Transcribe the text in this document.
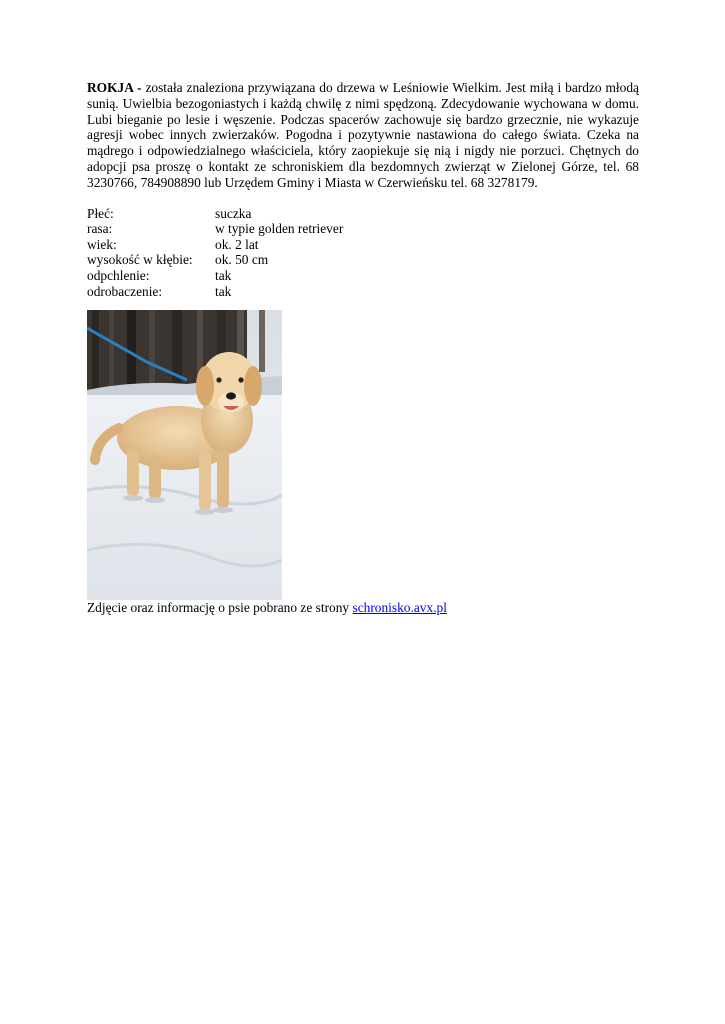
ROKJA - została znaleziona przywiązana do drzewa w Leśniowie Wielkim. Jest miłą i bardzo młodą sunią. Uwielbia bezogoniastych i każdą chwilę z nimi spędzoną. Zdecydowanie wychowana w domu. Lubi bieganie po lesie i węszenie. Podczas spacerów zachowuje się bardzo grzecznie, nie wykazuje agresji wobec innych zwierzaków. Pogodna i pozytywnie nastawiona do całego świata. Czeka na mądrego i odpowiedzialnego właściciela, który zaopiekuje się nią i nigdy nie porzuci. Chętnych do adopcji psa proszę o kontakt ze schroniskiem dla bezdomnych zwierząt w Zielonej Górze, tel. 68 3230766, 784908890 lub Urzędem Gminy i Miasta w Czerwieńsku tel. 68 3278179.

Płeć:	suczka
rasa:	w typie golden retriever
wiek:	ok. 2 lat
wysokość w kłębie:	ok. 50 cm
odpchlenie:	tak
odrobaczenie:	tak
Zdjęcie oraz informację o psie pobrano ze strony schronisko.avx.pl
